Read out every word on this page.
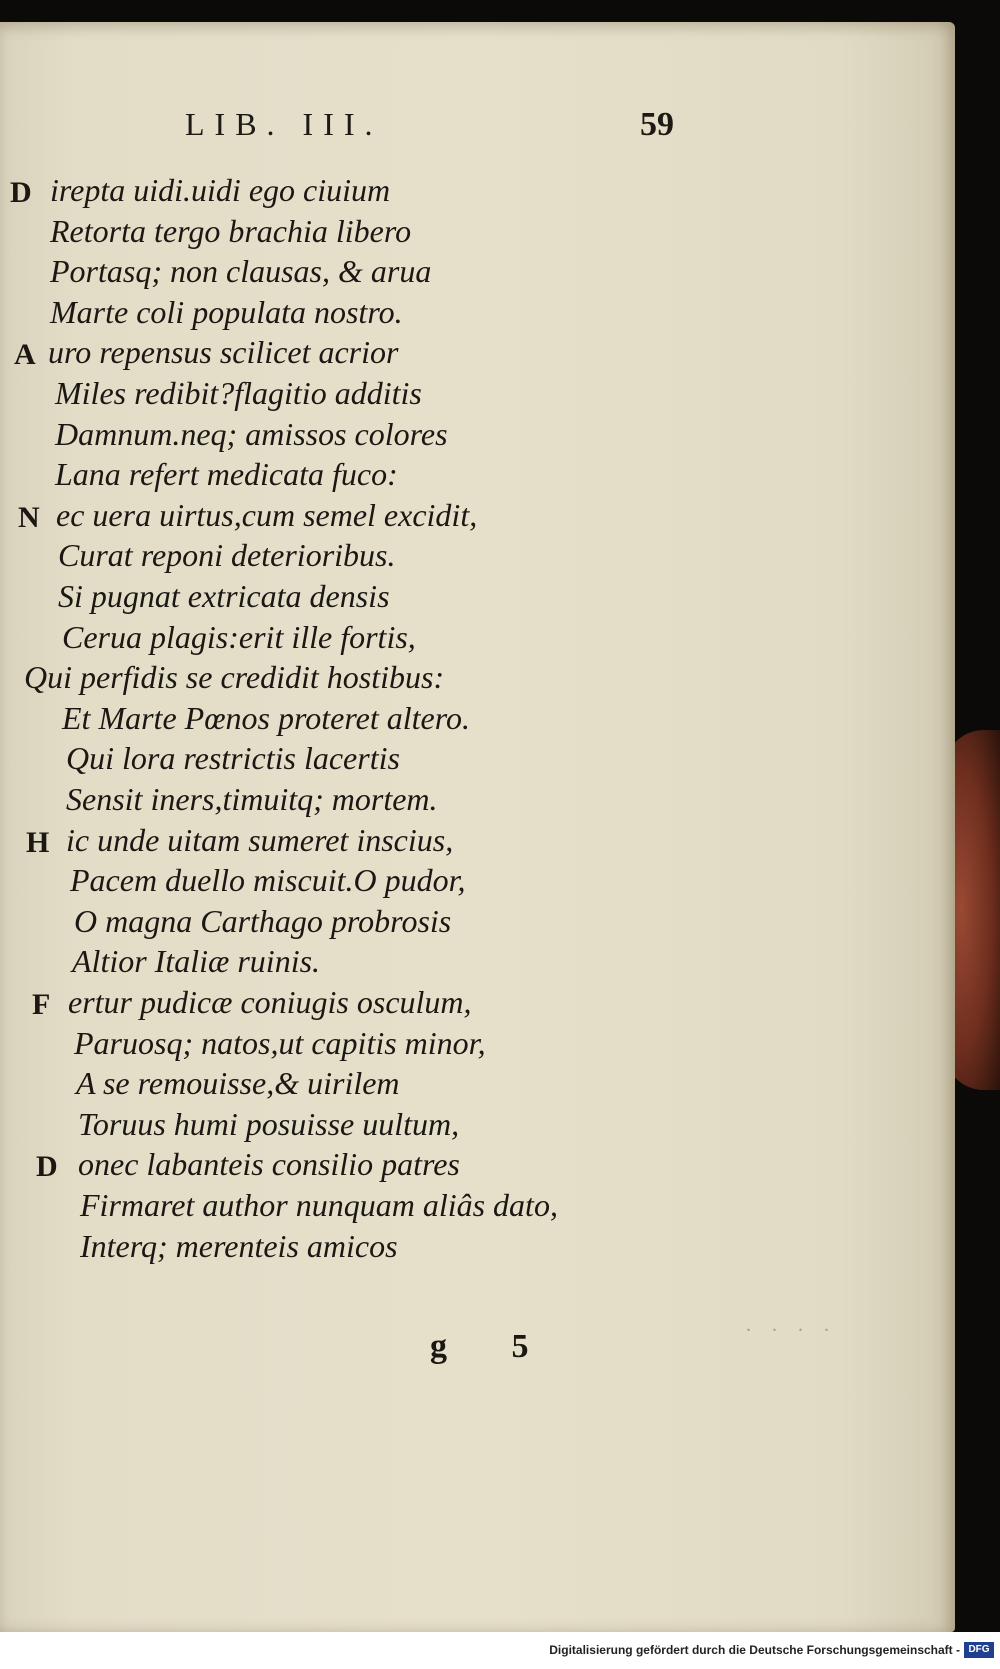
LIB. III.	59
D irepta uidi.uidi ego ciuium
Retorta tergo brachia libero
Portasq; non clausas, & arua
Marte coli populata nostro.
A uro repensus scilicet acrior
Miles redibit?flagitio additis
Damnum.neq; amissos colores
Lana refert medicata fuco:
N ec uera uirtus,cum semel excidit,
Curat reponi deterioribus.
Si pugnat extricata densis
Cerua plagis:erit ille fortis,
Qui perfidis se credidit hostibus:
Et Marte Pœnos proteret altero.
Qui lora restrictis lacertis
Sensit iners,timuitq; mortem.
H ic unde uitam sumeret inscius,
Pacem duello miscuit.O pudor,
O magna Carthago probrosis
Altior Italiæ ruinis.
F ertur pudicæ coniugis osculum,
Paruosq; natos,ut capitis minor,
A se remouisse,& uirilem
Toruus humi posuisse uultum,
D onec labanteis consilio patres
Firmaret author nunquam aliâs dato,
Interq; merenteis amicos
g 5
. . . .
Digitalisierung gefördert durch die Deutsche Forschungsgemeinschaft - DFG
